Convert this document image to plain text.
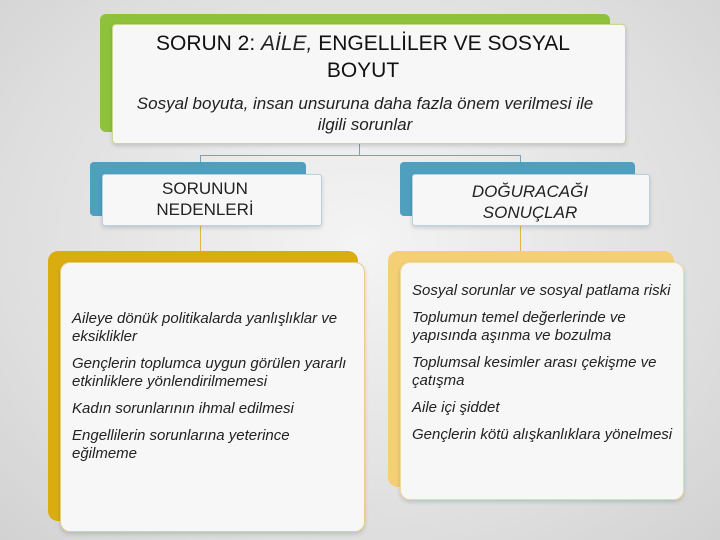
SORUN 2: AİLE, ENGELLİLER VE SOSYAL BOYUT
Sosyal boyuta, insan unsuruna daha fazla önem verilmesi ile ilgili sorunlar
SORUNUN NEDENLERİ
DOĞURACAĞI SONUÇLAR
Aileye dönük politikalarda yanlışlıklar ve eksiklikler
Gençlerin toplumca uygun görülen yararlı etkinliklere yönlendirilmemesi
Kadın sorunlarının ihmal edilmesi
Engellilerin sorunlarına yeterince eğilmeme
Sosyal sorunlar ve sosyal patlama riski
Toplumun temel değerlerinde ve yapısında aşınma ve bozulma
Toplumsal kesimler arası çekişme ve çatışma
Aile içi şiddet
Gençlerin kötü alışkanlıklara yönelmesi
